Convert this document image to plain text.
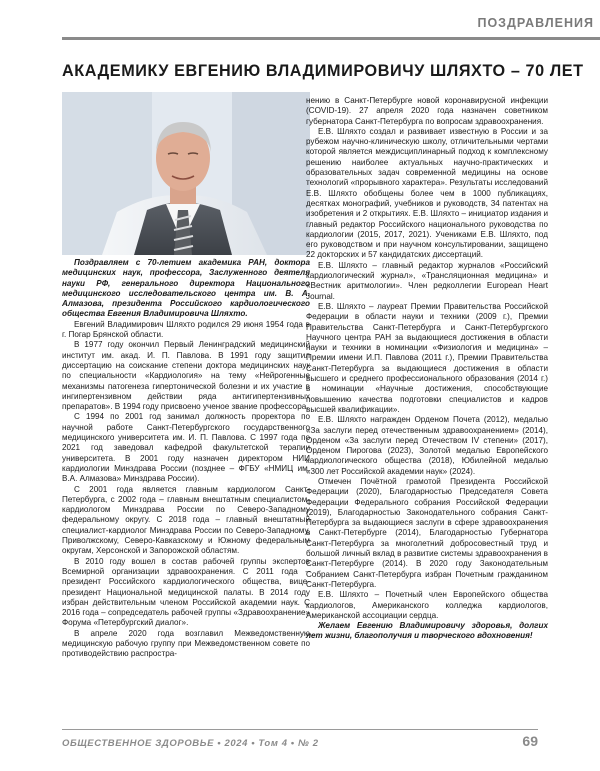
ПОЗДРАВЛЕНИЯ
АКАДЕМИКУ ЕВГЕНИЮ ВЛАДИМИРОВИЧУ ШЛЯХТО – 70 ЛЕТ

Поздравляем с 70-летием академика РАН, доктора медицинских наук, профессора, Заслуженного деятеля науки РФ, генерального директора Национального медицинского исследовательского центра им. В. А. Алмазова, президента Российского кардиологического общества Евгения Владимировича Шляхто.

Евгений Владимирович Шляхто родился 29 июня 1954 года в г. Погар Брянской области.

В 1977 году окончил Первый Ленинградский медицинский институт им. акад. И. П. Павлова. В 1991 году защитил диссертацию на соискание степени доктора медицинских наук по специальности «Кардиология» на тему «Нейрогенные механизмы патогенеза гипертонической болезни и их участие в ингипертензивном действии ряда антигипертензивных препаратов». В 1994 году присвоено ученое звание профессора.

С 1994 по 2001 год занимал должность проректора по научной работе Санкт-Петербургского государственного медицинского университета им. И. П. Павлова. С 1997 года по 2021 год заведовал кафедрой факультетской терапии университета. В 2001 году назначен директором НИИ кардиологии Минздрава России (позднее – ФГБУ «НМИЦ им. В.А. Алмазова» Минздрава России).

С 2001 года является главным кардиологом Санкт-Петербурга, с 2002 года – главным внештатным специалистом-кардиологом Минздрава России по Северо-Западному федеральному округу. С 2018 года – главный внештатный специалист-кардиолог Минздрава России по Северо-Западному, Приволжскому, Северо-Кавказскому и Южному федеральным округам, Херсонской и Запорожской областям.

В 2010 году вошел в состав рабочей группы экспертов Всемирной организации здравоохранения. С 2011 года – президент Российского кардиологического общества, вице-президент Национальной медицинской палаты. В 2014 году избран действительным членом Российской академии наук. С 2016 года – сопредседатель рабочей группы «Здравоохранение» Форума «Петербургский диалог».

В апреле 2020 года возглавил Межведомственную медицинскую рабочую группу при Межведомственном совете по противодействию распростра-

нению в Санкт-Петербурге новой коронавирусной инфекции (COVID-19). 27 апреля 2020 года назначен советником губернатора Санкт-Петербурга по вопросам здравоохранения.

Е.В. Шляхто создал и развивает известную в России и за рубежом научно-клиническую школу, отличительными чертами которой является междисциплинарный подход к комплексному решению наиболее актуальных научно-практических и образовательных задач современной медицины на основе технологий «прорывного характера». Результаты исследований Е.В. Шляхто обобщены более чем в 1000 публикациях, десятках монографий, учебников и руководств, 34 патентах на изобретения и 2 открытиях. Е.В. Шляхто – инициатор издания и главный редактор Российского национального руководства по кардиологии (2015, 2017, 2021). Учениками Е.В. Шляхто, под его руководством и при научном консультировании, защищено 22 докторских и 57 кандидатских диссертаций.

Е.В. Шляхто – главный редактор журналов «Российский кардиологический журнал», «Трансляционная медицина» и «Вестник аритмологии». Член редколлегии European Heart Journal.

Е.В. Шляхто – лауреат Премии Правительства Российской Федерации в области науки и техники (2009 г.), Премии Правительства Санкт-Петербурга и Санкт-Петербургского Научного центра РАН за выдающиеся достижения в области науки и техники в номинации «Физиология и медицина» – Премии имени И.П. Павлова (2011 г.), Премии Правительства Санкт-Петербурга за выдающиеся достижения в области высшего и среднего профессионального образования (2014 г.) в номинации «Научные достижения, способствующие повышению качества подготовки специалистов и кадров высшей квалификации».

Е.В. Шляхто награжден Орденом Почета (2012), медалью «За заслуги перед отечественным здравоохранением» (2014), Орденом «За заслуги перед Отечеством IV степени» (2017), Орденом Пирогова (2023), Золотой медалью Европейского кардиологического общества (2018), Юбилейной медалью «300 лет Российской академии наук» (2024).

Отмечен Почётной грамотой Президента Российской Федерации (2020), Благодарностью Председателя Совета Федерации Федерального собрания Российской Федерации (2019), Благодарностью Законодательного собрания Санкт-Петербурга за выдающиеся заслуги в сфере здравоохранения в Санкт-Петербурге (2014), Благодарностью Губернатора Санкт-Петербурга за многолетний добросовестный труд и большой личный вклад в развитие системы здравоохранения в Санкт-Петербурге (2014). В 2020 году Законодательным Собранием Санкт-Петербурга избран Почетным гражданином Санкт-Петербурга.

Е.В. Шляхто – Почетный член Европейского общества кардиологов, Американского колледжа кардиологов, Американской ассоциации сердца.

Желаем Евгению Владимировичу здоровья, долгих лет жизни, благополучия и творческого вдохновения!

ОБЩЕСТВЕННОЕ ЗДОРОВЬЕ • 2024 • Том 4 • № 2	69
